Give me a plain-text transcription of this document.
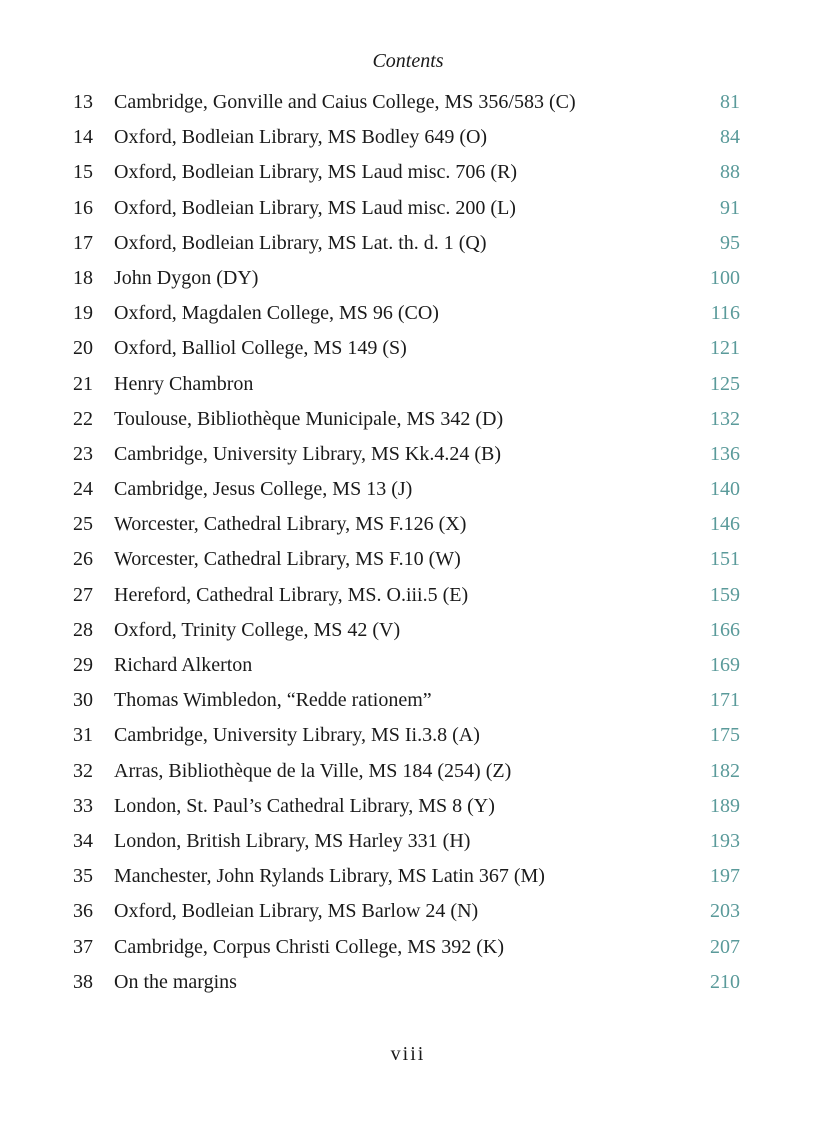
Contents
13 Cambridge, Gonville and Caius College, MS 356/583 (C)	81
14 Oxford, Bodleian Library, MS Bodley 649 (O)	84
15 Oxford, Bodleian Library, MS Laud misc. 706 (R)	88
16 Oxford, Bodleian Library, MS Laud misc. 200 (L)	91
17 Oxford, Bodleian Library, MS Lat. th. d. 1 (Q)	95
18 John Dygon (DY)	100
19 Oxford, Magdalen College, MS 96 (CO)	116
20 Oxford, Balliol College, MS 149 (S)	121
21 Henry Chambron	125
22 Toulouse, Bibliothèque Municipale, MS 342 (D)	132
23 Cambridge, University Library, MS Kk.4.24 (B)	136
24 Cambridge, Jesus College, MS 13 (J)	140
25 Worcester, Cathedral Library, MS F.126 (X)	146
26 Worcester, Cathedral Library, MS F.10 (W)	151
27 Hereford, Cathedral Library, MS. O.iii.5 (E)	159
28 Oxford, Trinity College, MS 42 (V)	166
29 Richard Alkerton	169
30 Thomas Wimbledon, “Redde rationem”	171
31 Cambridge, University Library, MS Ii.3.8 (A)	175
32 Arras, Bibliothèque de la Ville, MS 184 (254) (Z)	182
33 London, St. Paul’s Cathedral Library, MS 8 (Y)	189
34 London, British Library, MS Harley 331 (H)	193
35 Manchester, John Rylands Library, MS Latin 367 (M)	197
36 Oxford, Bodleian Library, MS Barlow 24 (N)	203
37 Cambridge, Corpus Christi College, MS 392 (K)	207
38 On the margins	210
viii
